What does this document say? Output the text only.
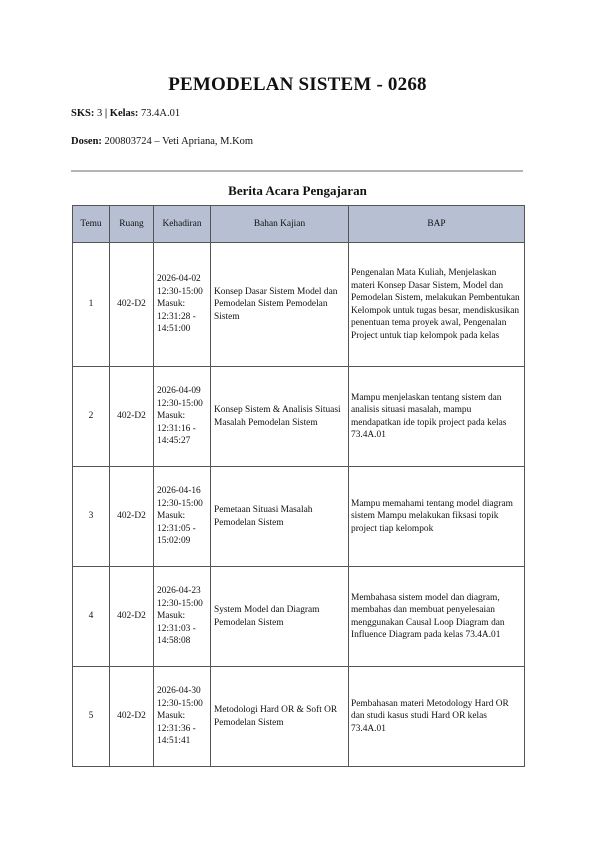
PEMODELAN SISTEM - 0268
SKS: 3 | Kelas: 73.4A.01
Dosen: 200803724 – Veti Apriana, M.Kom
Berita Acara Pengajaran
Temu	Ruang	Kehadiran	Bahan Kajian	BAP
1	402-D2	2026-04-02 12:30-15:00 Masuk: 12:31:28 - 14:51:00	Konsep Dasar Sistem Model dan Pemodelan Sistem Pemodelan Sistem	Pengenalan Mata Kuliah, Menjelaskan materi Konsep Dasar Sistem, Model dan Pemodelan Sistem, melakukan Pembentukan Kelompok untuk tugas besar, mendiskusikan penentuan tema proyek awal, Pengenalan Project untuk tiap kelompok pada kelas
2	402-D2	2026-04-09 12:30-15:00 Masuk: 12:31:16 - 14:45:27	Konsep Sistem & Analisis Situasi Masalah Pemodelan Sistem	Mampu menjelaskan tentang sistem dan analisis situasi masalah, mampu mendapatkan ide topik project pada kelas 73.4A.01
3	402-D2	2026-04-16 12:30-15:00 Masuk: 12:31:05 - 15:02:09	Pemetaan Situasi Masalah Pemodelan Sistem	Mampu memahami tentang model diagram sistem Mampu melakukan fiksasi topik project tiap kelompok
4	402-D2	2026-04-23 12:30-15:00 Masuk: 12:31:03 - 14:58:08	System Model dan Diagram Pemodelan Sistem	Membahasa sistem model dan diagram, membahas dan membuat penyelesaian menggunakan Causal Loop Diagram dan Influence Diagram pada kelas 73.4A.01
5	402-D2	2026-04-30 12:30-15:00 Masuk: 12:31:36 - 14:51:41	Metodologi Hard OR & Soft OR Pemodelan Sistem	Pembahasan materi Metodology Hard OR dan studi kasus studi Hard OR kelas 73.4A.01
